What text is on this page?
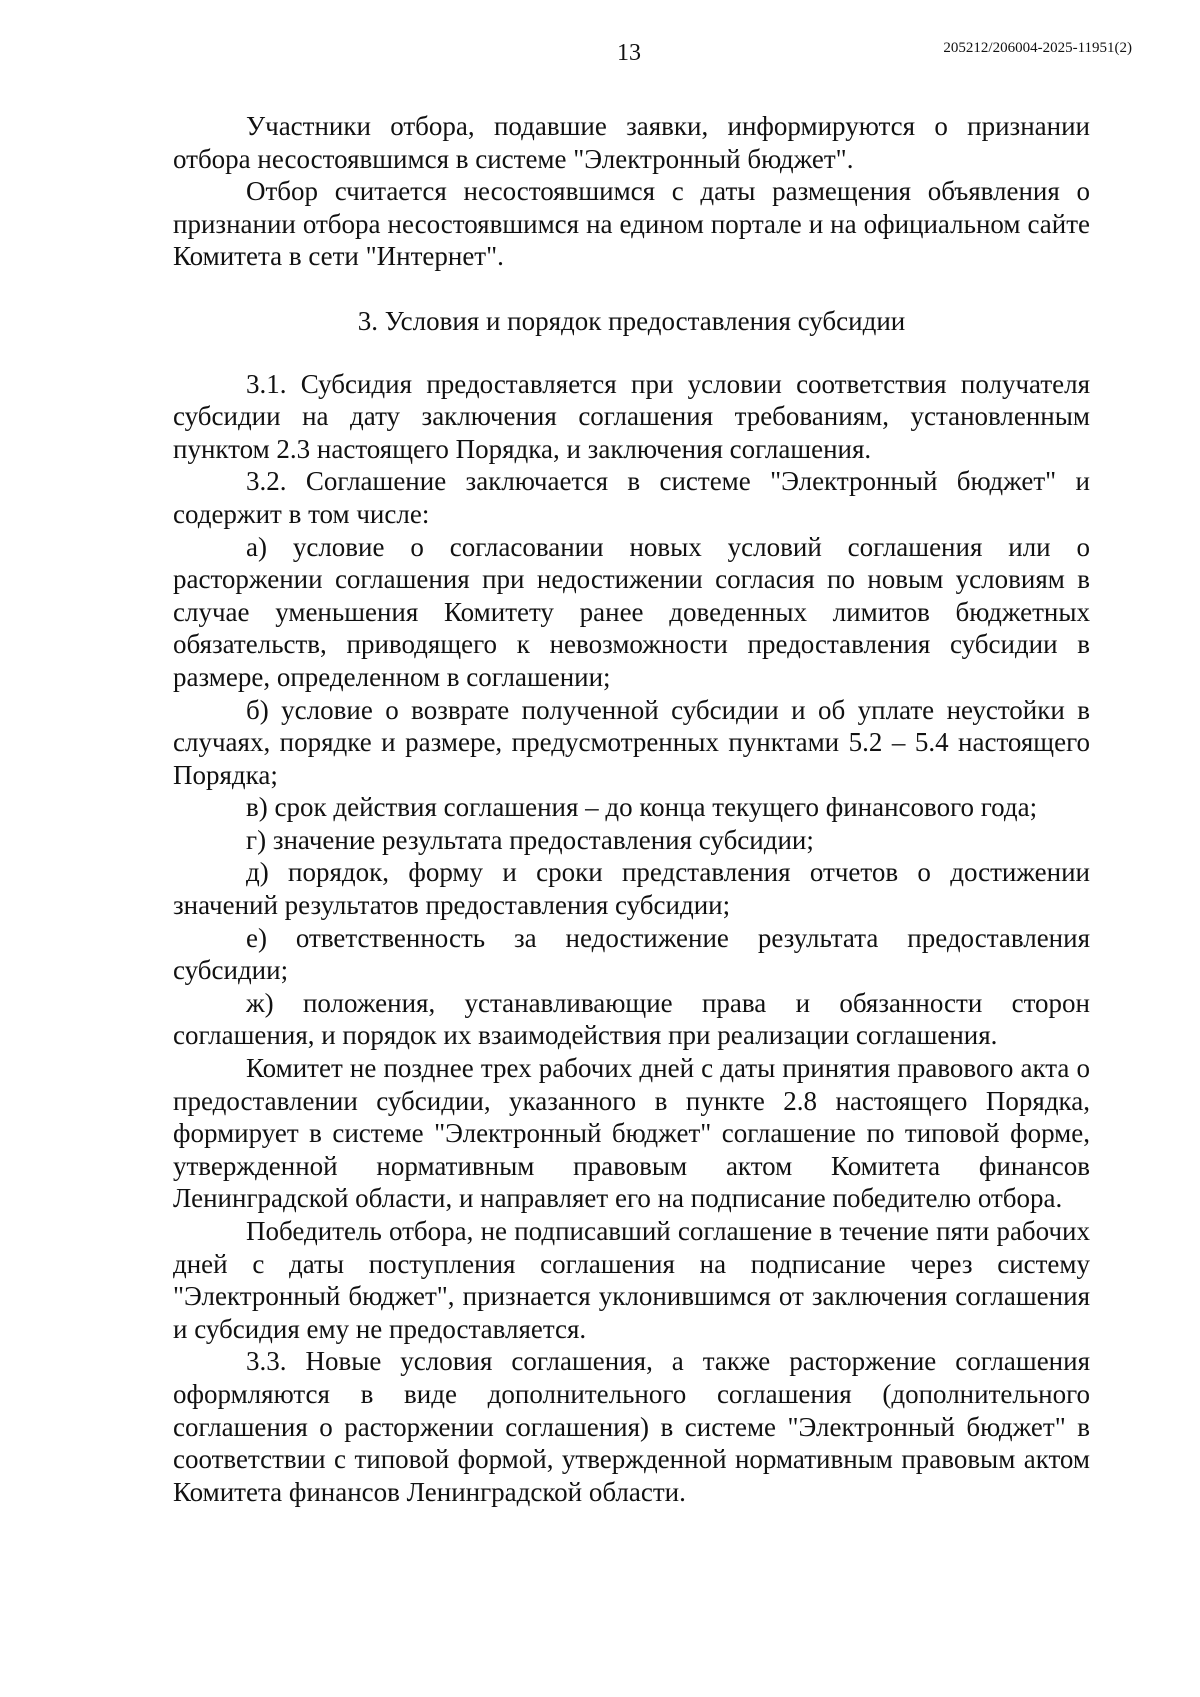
13	205212/206004-2025-11951(2)

Участники отбора, подавшие заявки, информируются о признании отбора несостоявшимся в системе "Электронный бюджет".

Отбор считается несостоявшимся с даты размещения объявления о признании отбора несостоявшимся на едином портале и на официальном сайте Комитета в сети "Интернет".

3. Условия и порядок предоставления субсидии

3.1. Субсидия предоставляется при условии соответствия получателя субсидии на дату заключения соглашения требованиям, установленным пунктом 2.3 настоящего Порядка, и заключения соглашения.

3.2. Соглашение заключается в системе "Электронный бюджет" и содержит в том числе:

а) условие о согласовании новых условий соглашения или о расторжении соглашения при недостижении согласия по новым условиям в случае уменьшения Комитету ранее доведенных лимитов бюджетных обязательств, приводящего к невозможности предоставления субсидии в размере, определенном в соглашении;

б) условие о возврате полученной субсидии и об уплате неустойки в случаях, порядке и размере, предусмотренных пунктами 5.2 – 5.4 настоящего Порядка;

в) срок действия соглашения – до конца текущего финансового года;

г) значение результата предоставления субсидии;

д) порядок, форму и сроки представления отчетов о достижении значений результатов предоставления субсидии;

е) ответственность за недостижение результата предоставления субсидии;

ж) положения, устанавливающие права и обязанности сторон соглашения, и порядок их взаимодействия при реализации соглашения.

Комитет не позднее трех рабочих дней с даты принятия правового акта о предоставлении субсидии, указанного в пункте 2.8 настоящего Порядка, формирует в системе "Электронный бюджет" соглашение по типовой форме, утвержденной нормативным правовым актом Комитета финансов Ленинградской области, и направляет его на подписание победителю отбора.

Победитель отбора, не подписавший соглашение в течение пяти рабочих дней с даты поступления соглашения на подписание через систему "Электронный бюджет", признается уклонившимся от заключения соглашения и субсидия ему не предоставляется.

3.3. Новые условия соглашения, а также расторжение соглашения оформляются в виде дополнительного соглашения (дополнительного соглашения о расторжении соглашения) в системе "Электронный бюджет" в соответствии с типовой формой, утвержденной нормативным правовым актом Комитета финансов Ленинградской области.
